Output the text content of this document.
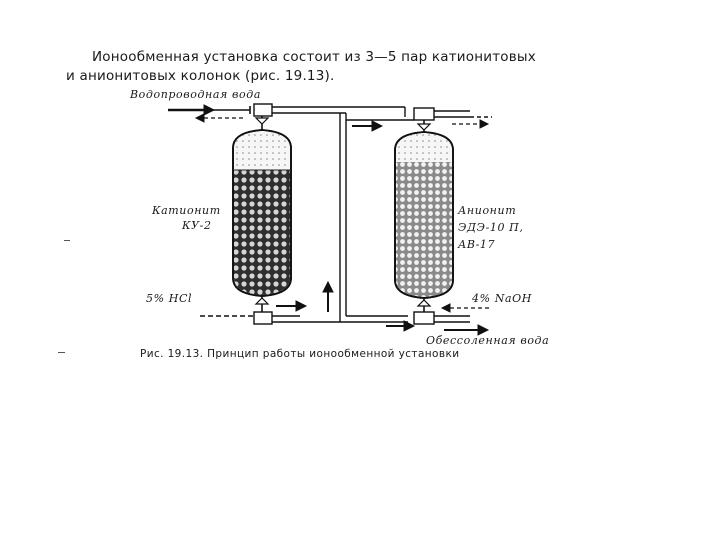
Ионообменная установка состоит из 3—5 пар катионитовых
и анионитовых колонок (рис. 19.13).
Водопроводная вода
Катионит
КУ-2
Анионит
ЭДЭ-10 П,
АВ-17
5% HCl	4% NaOH
Обессоленная вода
Рис. 19.13. Принцип работы ионообменной установки
